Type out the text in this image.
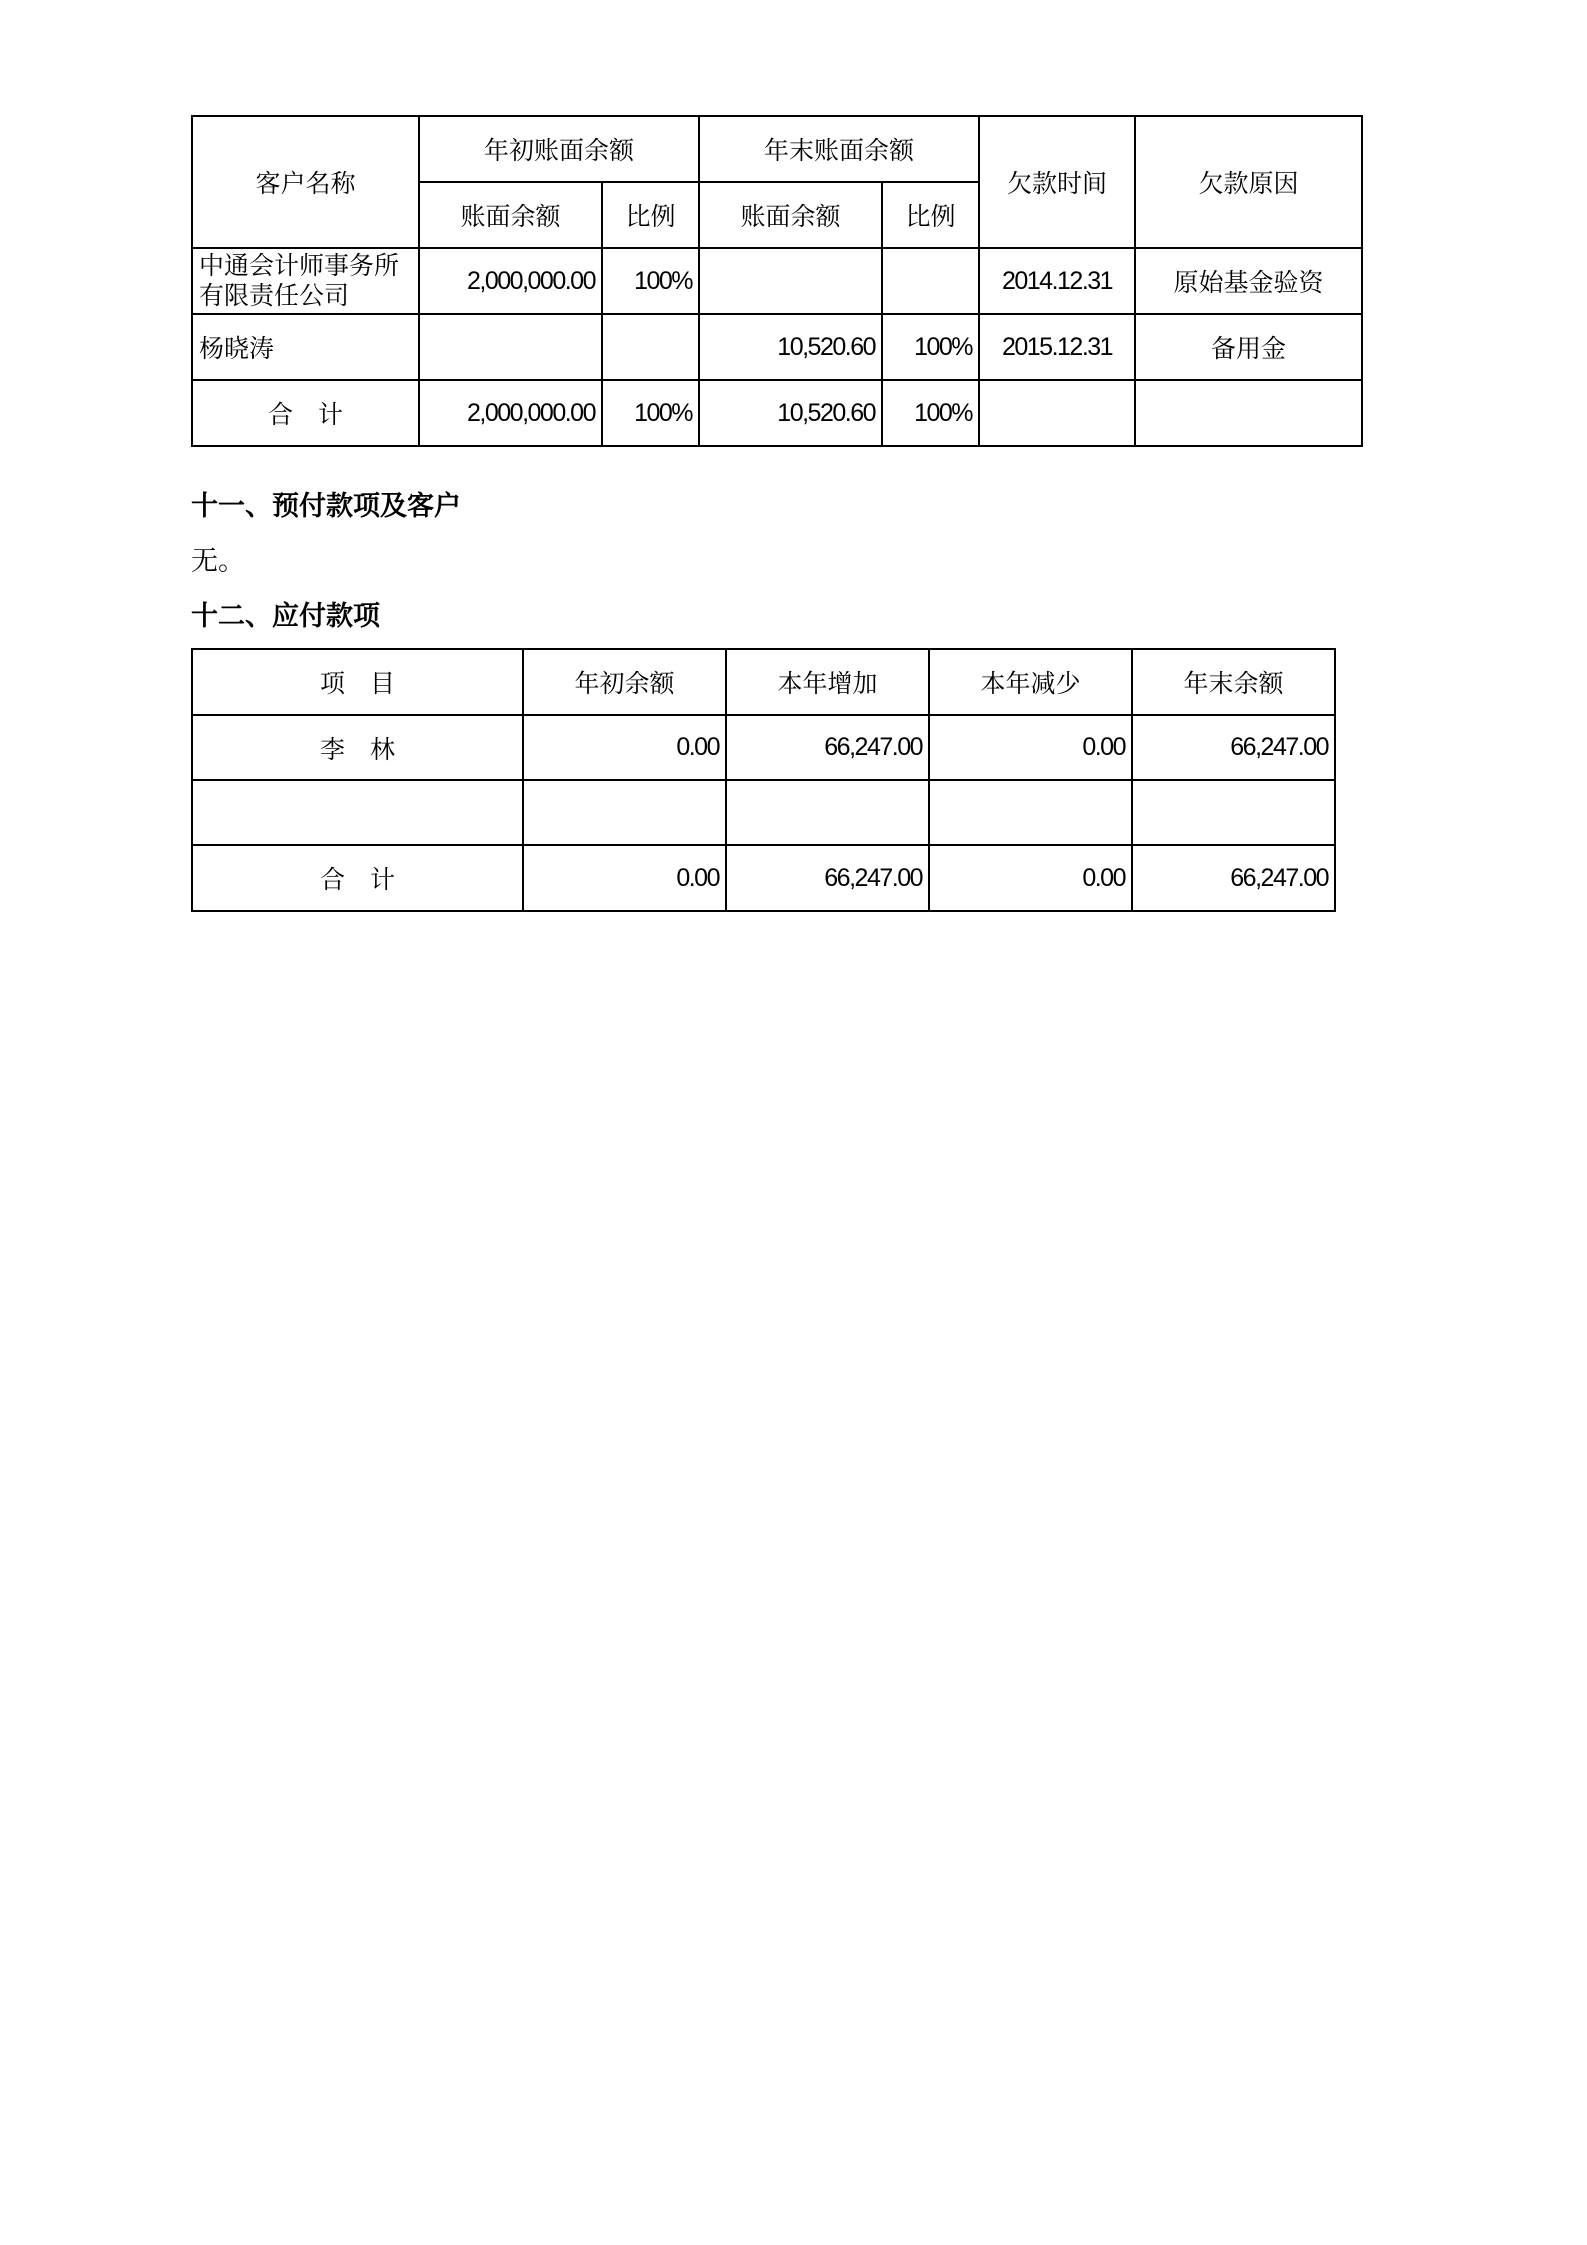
客户名称	年初账面余额		年末账面余额		欠款时间	欠款原因
	账面余额	比例	账面余额	比例		
中通会计师事务所有限责任公司	2,000,000.00	100%			2014.12.31	原始基金验资
杨晓涛			10,520.60	100%	2015.12.31	备用金
合　计	2,000,000.00	100%	10,520.60	100%		
十一、预付款项及客户
无。
十二、应付款项
项　目	年初余额	本年增加	本年减少	年末余额
李　林	0.00	66,247.00	0.00	66,247.00

合　计	0.00	66,247.00	0.00	66,247.00
